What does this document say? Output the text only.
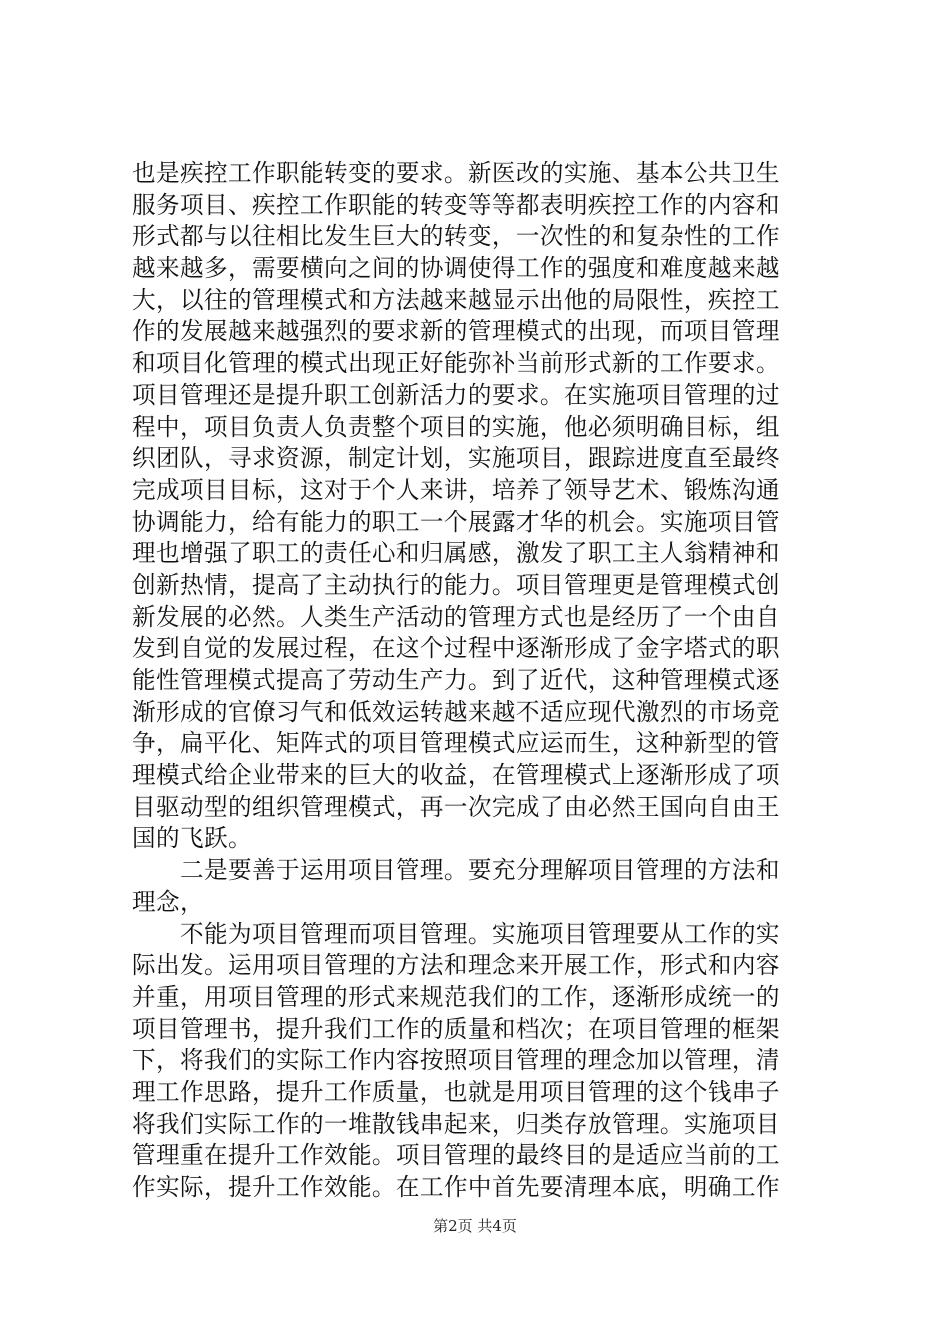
也是疾控工作职能转变的要求。新医改的实施、基本公共卫生
服务项目、疾控工作职能的转变等等都表明疾控工作的内容和
形式都与以往相比发生巨大的转变，一次性的和复杂性的工作
越来越多，需要横向之间的协调使得工作的强度和难度越来越
大，以往的管理模式和方法越来越显示出他的局限性，疾控工
作的发展越来越强烈的要求新的管理模式的出现，而项目管理
和项目化管理的模式出现正好能弥补当前形式新的工作要求。
项目管理还是提升职工创新活力的要求。在实施项目管理的过
程中，项目负责人负责整个项目的实施，他必须明确目标，组
织团队，寻求资源，制定计划，实施项目，跟踪进度直至最终
完成项目目标，这对于个人来讲，培养了领导艺术、锻炼沟通
协调能力，给有能力的职工一个展露才华的机会。实施项目管
理也增强了职工的责任心和归属感，激发了职工主人翁精神和
创新热情，提高了主动执行的能力。项目管理更是管理模式创
新发展的必然。人类生产活动的管理方式也是经历了一个由自
发到自觉的发展过程，在这个过程中逐渐形成了金字塔式的职
能性管理模式提高了劳动生产力。到了近代，这种管理模式逐
渐形成的官僚习气和低效运转越来越不适应现代激烈的市场竞
争，扁平化、矩阵式的项目管理模式应运而生，这种新型的管
理模式给企业带来的巨大的收益，在管理模式上逐渐形成了项
目驱动型的组织管理模式，再一次完成了由必然王国向自由王
国的飞跃。
　　二是要善于运用项目管理。要充分理解项目管理的方法和
理念，
　　不能为项目管理而项目管理。实施项目管理要从工作的实
际出发。运用项目管理的方法和理念来开展工作，形式和内容
并重，用项目管理的形式来规范我们的工作，逐渐形成统一的
项目管理书，提升我们工作的质量和档次；在项目管理的框架
下，将我们的实际工作内容按照项目管理的理念加以管理，清
理工作思路，提升工作质量，也就是用项目管理的这个钱串子
将我们实际工作的一堆散钱串起来，归类存放管理。实施项目
管理重在提升工作效能。项目管理的最终目的是适应当前的工
作实际，提升工作效能。在工作中首先要清理本底，明确工作
第2页 共4页
